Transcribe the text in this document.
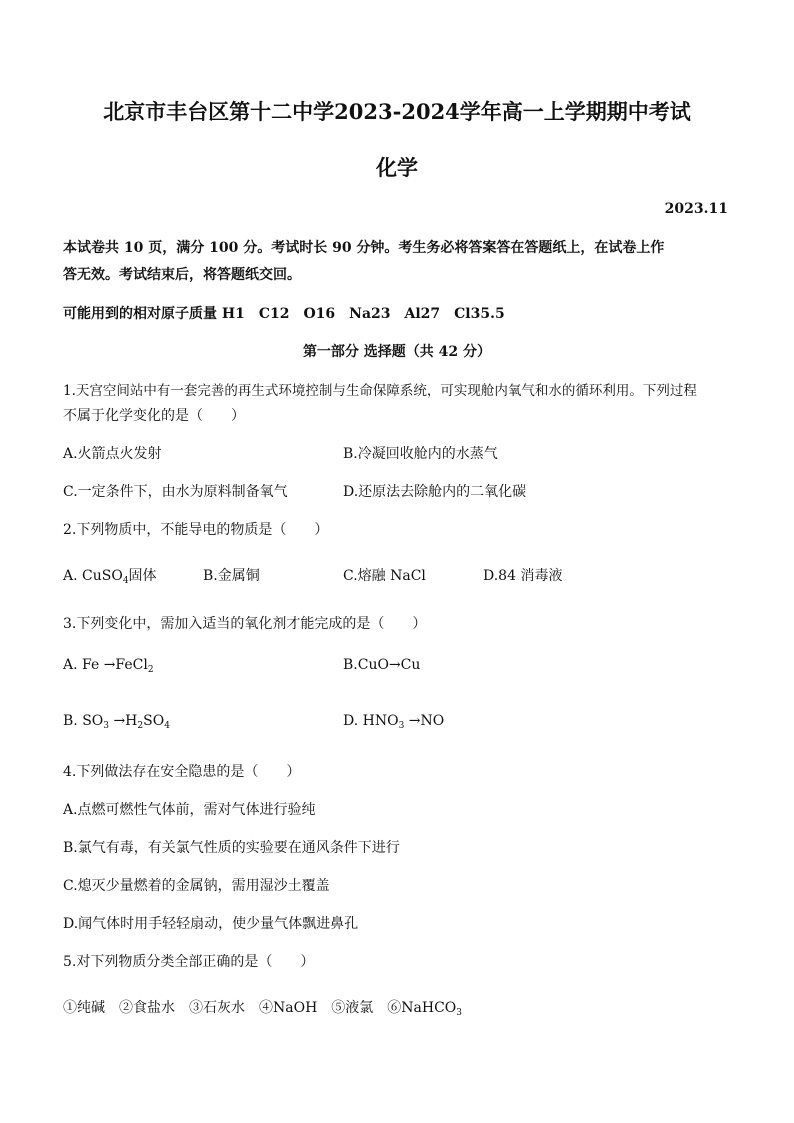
北京市丰台区第十二中学2023-2024学年高一上学期期中考试
化学
2023.11
本试卷共 10 页，满分 100 分。考试时长 90 分钟。考生务必将答案答在答题纸上，在试卷上作
答无效。考试结束后，将答题纸交回。
可能用到的相对原子质量 H1　C12　O16　Na23　Al27　Cl35.5
第一部分 选择题（共 42 分）
1.天宫空间站中有一套完善的再生式环境控制与生命保障系统，可实现舱内氧气和水的循环利用。下列过程
不属于化学变化的是（　　）
A.火箭点火发射	B.冷凝回收舱内的水蒸气
C.一定条件下，由水为原料制备氧气	D.还原法去除舱内的二氧化碳
2.下列物质中，不能导电的物质是（　　）
A. CuSO$_4$固体	B.金属铜	C.熔融 NaCl	D.84 消毒液
3.下列变化中，需加入适当的氧化剂才能完成的是（　　）
A. Fe →FeCl$_2$	B.CuO→Cu
B. $SO_3 \to H_2SO_4$	D. $HNO_3 \to NO$
4.下列做法存在安全隐患的是（　　）
A.点燃可燃性气体前，需对气体进行验纯
B.氯气有毒，有关氯气性质的实验要在通风条件下进行
C.熄灭少量燃着的金属钠，需用湿沙土覆盖
D.闻气体时用手轻轻扇动，使少量气体飘进鼻孔
5.对下列物质分类全部正确的是（　　）
①纯碱　②食盐水　③石灰水　④NaOH　⑤液氯　⑥NaHCO$_3$
